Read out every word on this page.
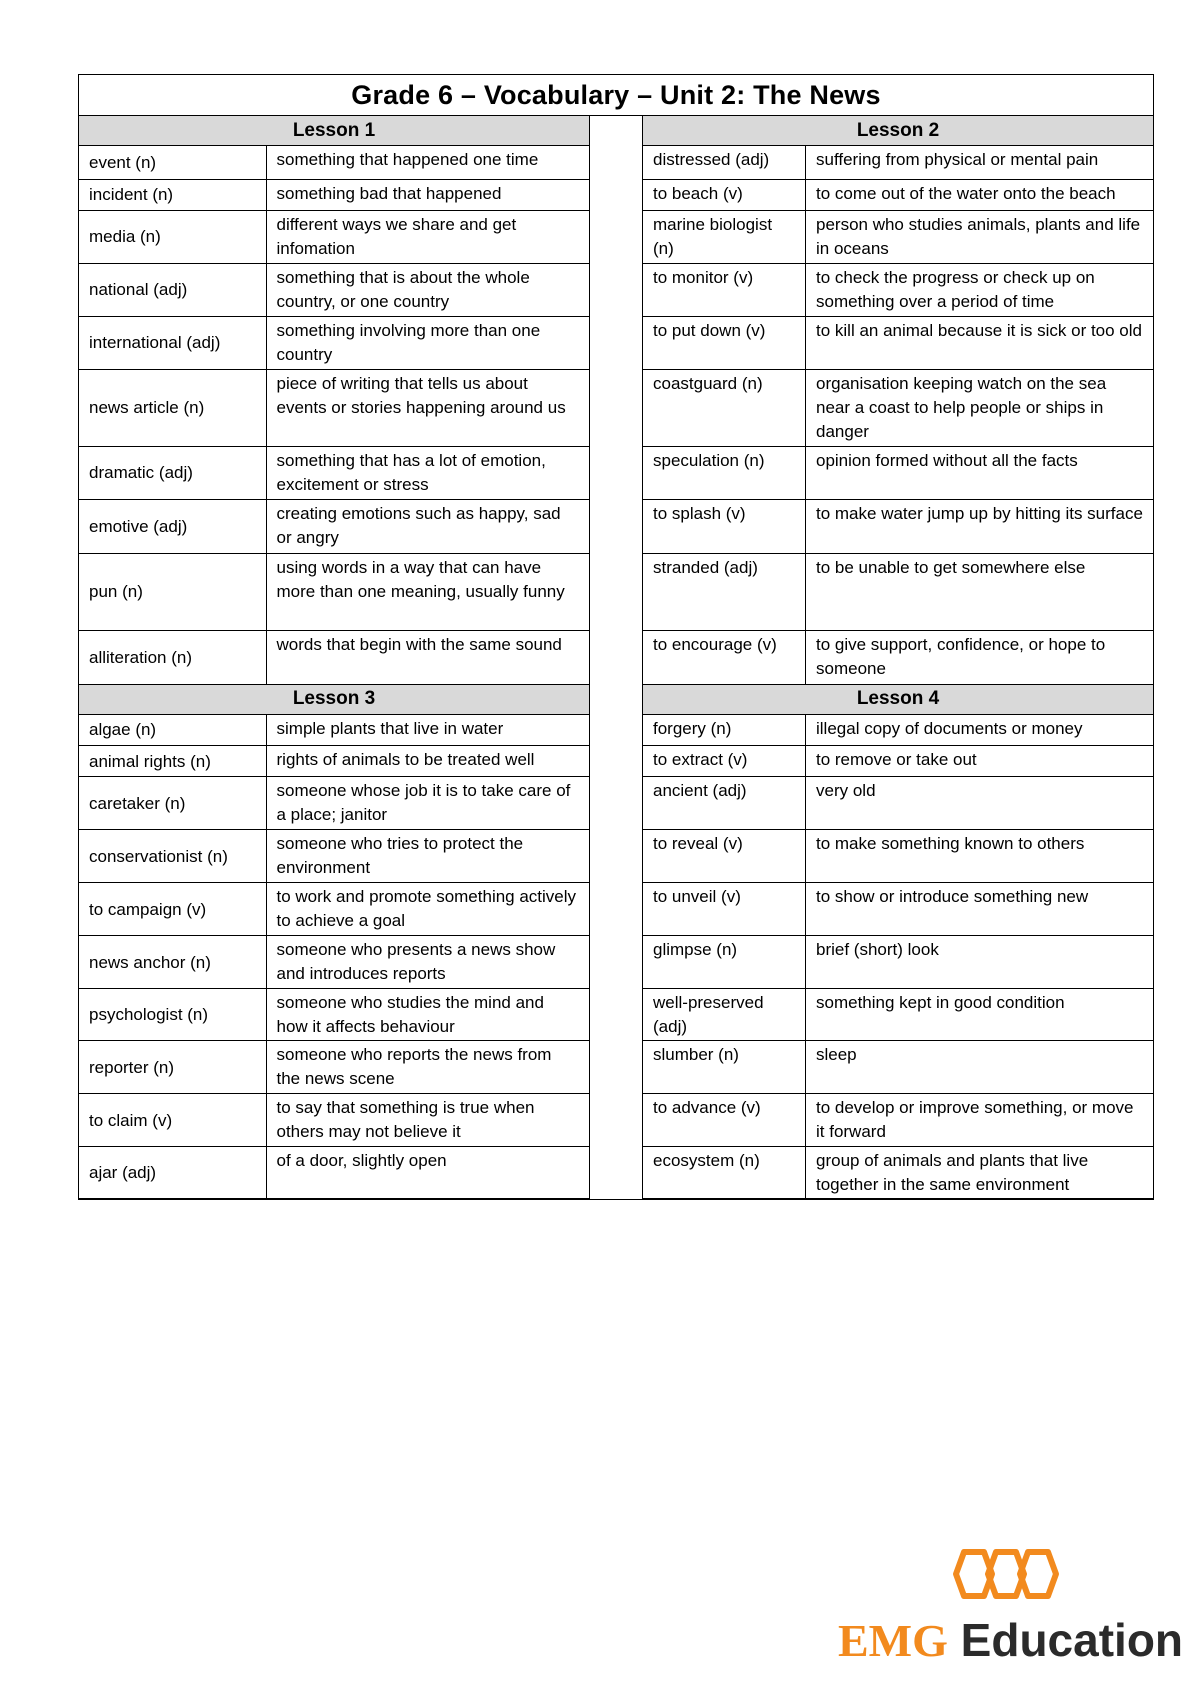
Grade 6 – Vocabulary – Unit 2: The News
Lesson 1
event (n)	something that happened one time
incident (n)	something bad that happened
media (n)	different ways we share and get infomation
national (adj)	something that is about the whole country, or one country
international (adj)	something involving more than one country
news article (n)	piece of writing that tells us about events or stories happening around us
dramatic (adj)	something that has a lot of emotion, excitement or stress
emotive (adj)	creating emotions such as happy, sad or angry
pun (n)	using words in a way that can have more than one meaning, usually funny
alliteration (n)	words that begin with the same sound
Lesson 2
distressed (adj)	suffering from physical or mental pain
to beach (v)	to come out of the water onto the beach
marine biologist (n)	person who studies animals, plants and life in oceans
to monitor (v)	to check the progress or check up on something over a period of time
to put down (v)	to kill an animal because it is sick or too old
coastguard (n)	organisation keeping watch on the sea near a coast to help people or ships in danger
speculation (n)	opinion formed without all the facts
to splash (v)	to make water jump up by hitting its surface
stranded (adj)	to be unable to get somewhere else
to encourage (v)	to give support, confidence, or hope to someone
Lesson 3
algae (n)	simple plants that live in water
animal rights (n)	rights of animals to be treated well
caretaker (n)	someone whose job it is to take care of a place; janitor
conservationist (n)	someone who tries to protect the environment
to campaign (v)	to work and promote something actively to achieve a goal
news anchor (n)	someone who presents a news show and introduces reports
psychologist (n)	someone who studies the mind and how it affects behaviour
reporter (n)	someone who reports the news from the news scene
to claim (v)	to say that something is true when others may not believe it
ajar (adj)	of a door, slightly open
Lesson 4
forgery (n)	illegal copy of documents or money
to extract (v)	to remove or take out
ancient (adj)	very old
to reveal (v)	to make something known to others
to unveil (v)	to show or introduce something new
glimpse (n)	brief (short) look
well-preserved (adj)	something kept in good condition
slumber (n)	sleep
to advance (v)	to develop or improve something, or move it forward
ecosystem (n)	group of animals and plants that live together in the same environment
EMG Education
